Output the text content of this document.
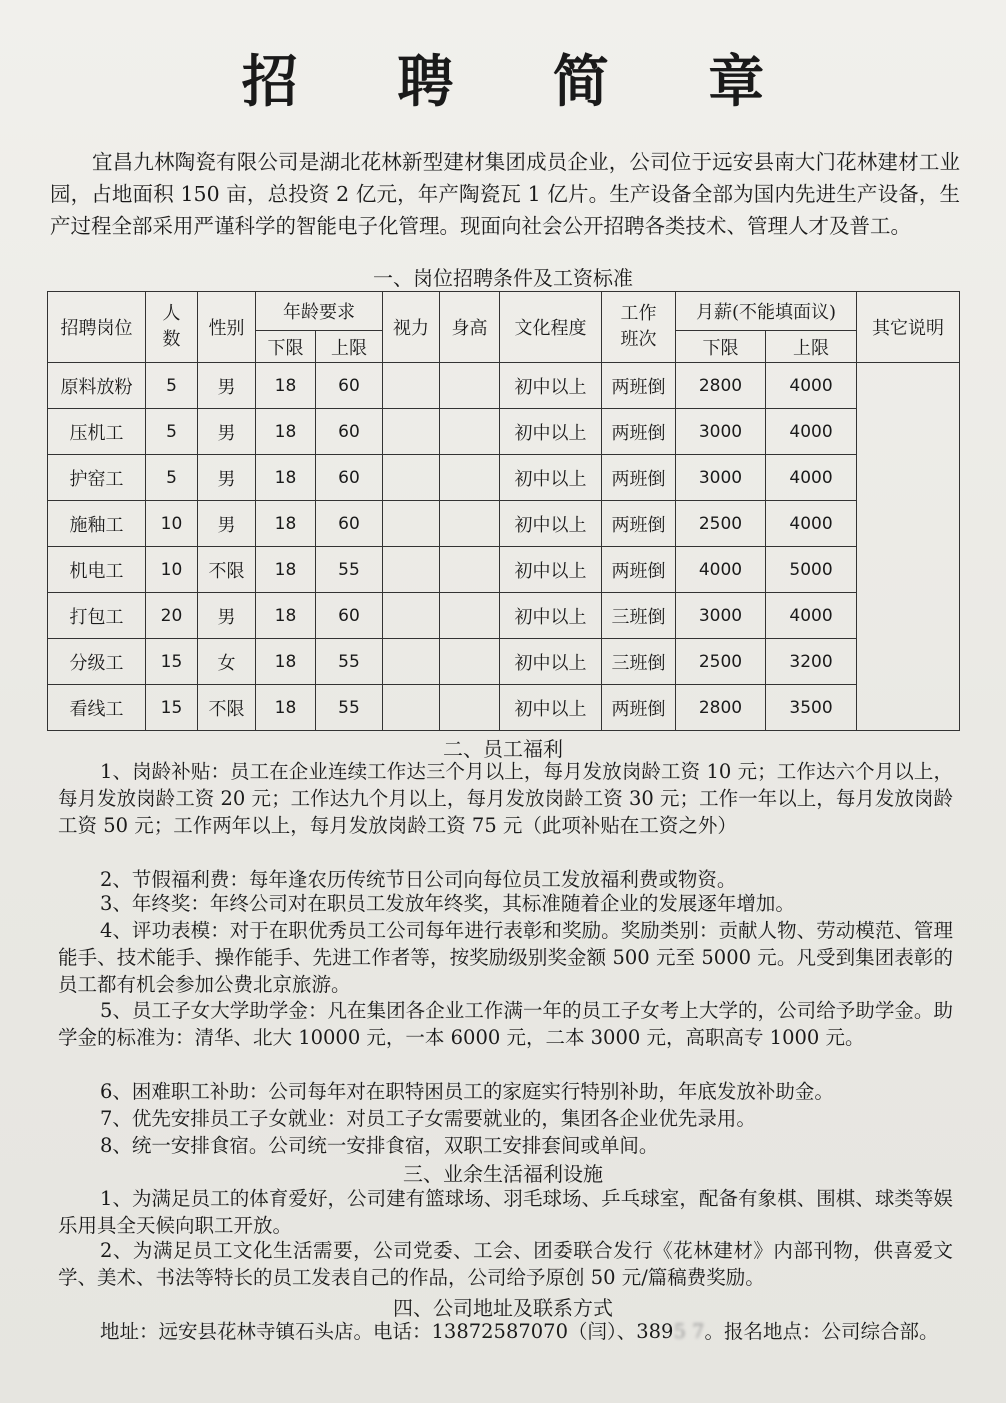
招 聘 简 章

宜昌九林陶瓷有限公司是湖北花林新型建材集团成员企业，公司位于远安县南大门花林建材工业园，占地面积 150 亩，总投资 2 亿元，年产陶瓷瓦 1 亿片。生产设备全部为国内先进生产设备，生产过程全部采用严谨科学的智能电子化管理。现面向社会公开招聘各类技术、管理人才及普工。

一、岗位招聘条件及工资标准
招聘岗位	人数	性别	年龄要求		视力	身高	文化程度	工作班次	月薪(不能填面议)		其它说明
			下限	上限					下限	上限	
原料放粉	5	男	18	60			初中以上	两班倒	2800	4000	
压机工	5	男	18	60			初中以上	两班倒	3000	4000	
护窑工	5	男	18	60			初中以上	两班倒	3000	4000	
施釉工	10	男	18	60			初中以上	两班倒	2500	4000	
机电工	10	不限	18	55			初中以上	两班倒	4000	5000	
打包工	20	男	18	60			初中以上	三班倒	3000	4000	
分级工	15	女	18	55			初中以上	三班倒	2500	3200	
看线工	15	不限	18	55			初中以上	两班倒	2800	3500	
二、员工福利

1、岗龄补贴：员工在企业连续工作达三个月以上，每月发放岗龄工资 10 元；工作达六个月以上，每月发放岗龄工资 20 元；工作达九个月以上，每月发放岗龄工资 30 元；工作一年以上，每月发放岗龄工资 50 元；工作两年以上，每月发放岗龄工资 75 元（此项补贴在工资之外）

2、节假福利费：每年逢农历传统节日公司向每位员工发放福利费或物资。

3、年终奖：年终公司对在职员工发放年终奖，其标准随着企业的发展逐年增加。

4、评功表模：对于在职优秀员工公司每年进行表彰和奖励。奖励类别：贡献人物、劳动模范、管理能手、技术能手、操作能手、先进工作者等，按奖励级别奖金额 500 元至 5000 元。凡受到集团表彰的员工都有机会参加公费北京旅游。

5、员工子女大学助学金：凡在集团各企业工作满一年的员工子女考上大学的，公司给予助学金。助学金的标准为：清华、北大 10000 元，一本 6000 元，二本 3000 元，高职高专 1000 元。

6、困难职工补助：公司每年对在职特困员工的家庭实行特别补助，年底发放补助金。

7、优先安排员工子女就业：对员工子女需要就业的，集团各企业优先录用。

8、统一安排食宿。公司统一安排食宿，双职工安排套间或单间。

三、业余生活福利设施

1、为满足员工的体育爱好，公司建有篮球场、羽毛球场、乒乓球室，配备有象棋、围棋、球类等娱乐用具全天候向职工开放。

2、为满足员工文化生活需要，公司党委、工会、团委联合发行《花林建材》内部刊物，供喜爱文学、美术、书法等特长的员工发表自己的作品，公司给予原创 50 元/篇稿费奖励。

四、公司地址及联系方式

地址：远安县花林寺镇石头店。电话：13872587070（闫）、3895 7。报名地点：公司综合部。
